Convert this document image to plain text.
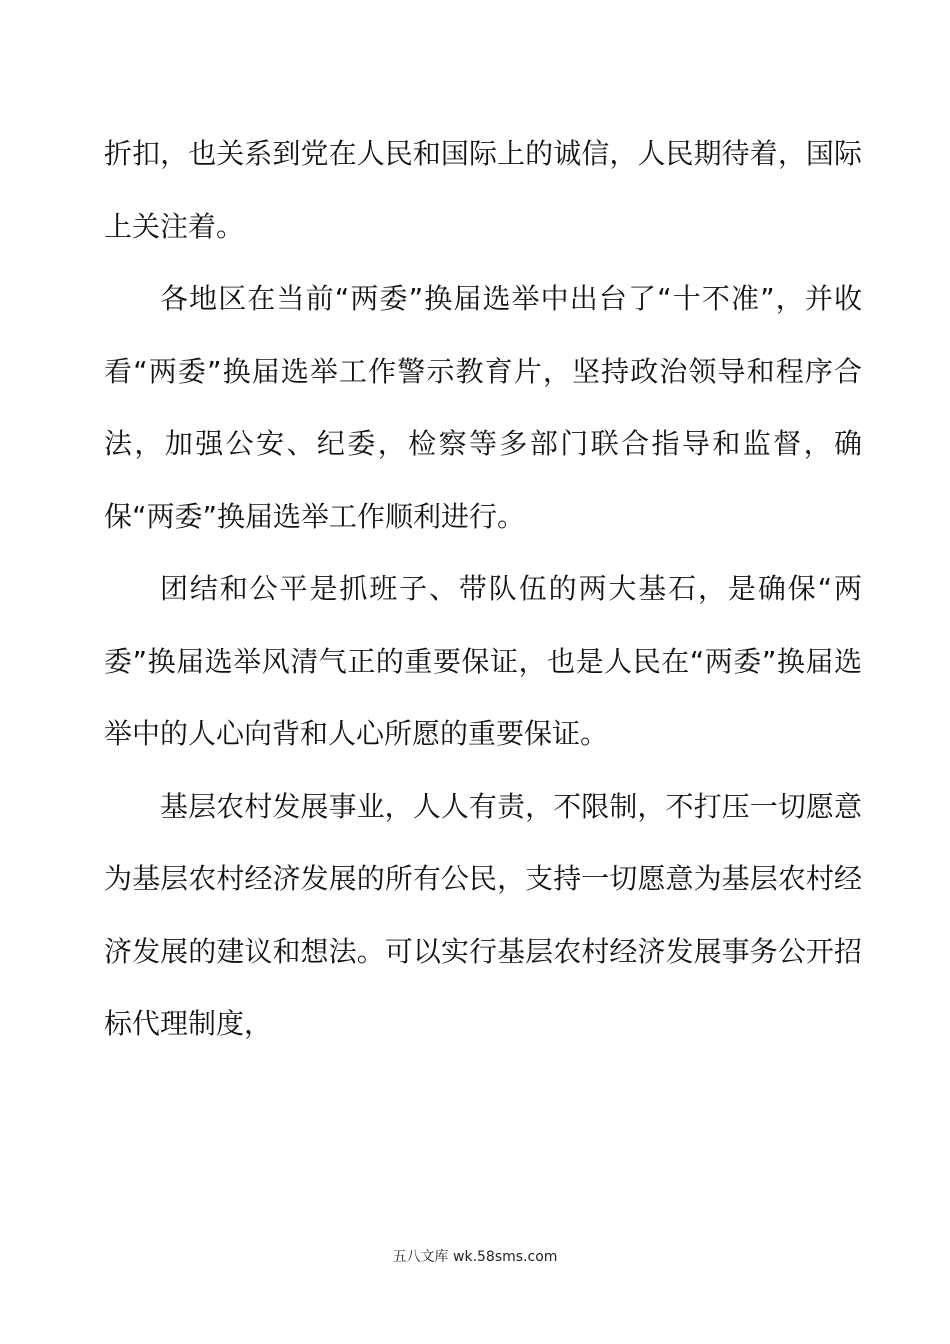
折扣，也关系到党在人民和国际上的诚信，人民期待着，国际上关注着。

各地区在当前“两委”换届选举中出台了“十不准”，并收看“两委”换届选举工作警示教育片，坚持政治领导和程序合法，加强公安、纪委，检察等多部门联合指导和监督，确保“两委”换届选举工作顺利进行。

团结和公平是抓班子、带队伍的两大基石，是确保“两委”换届选举风清气正的重要保证，也是人民在“两委”换届选举中的人心向背和人心所愿的重要保证。

基层农村发展事业，人人有责，不限制，不打压一切愿意为基层农村经济发展的所有公民，支持一切愿意为基层农村经济发展的建议和想法。可以实行基层农村经济发展事务公开招标代理制度，

五八文库 wk.58sms.com
